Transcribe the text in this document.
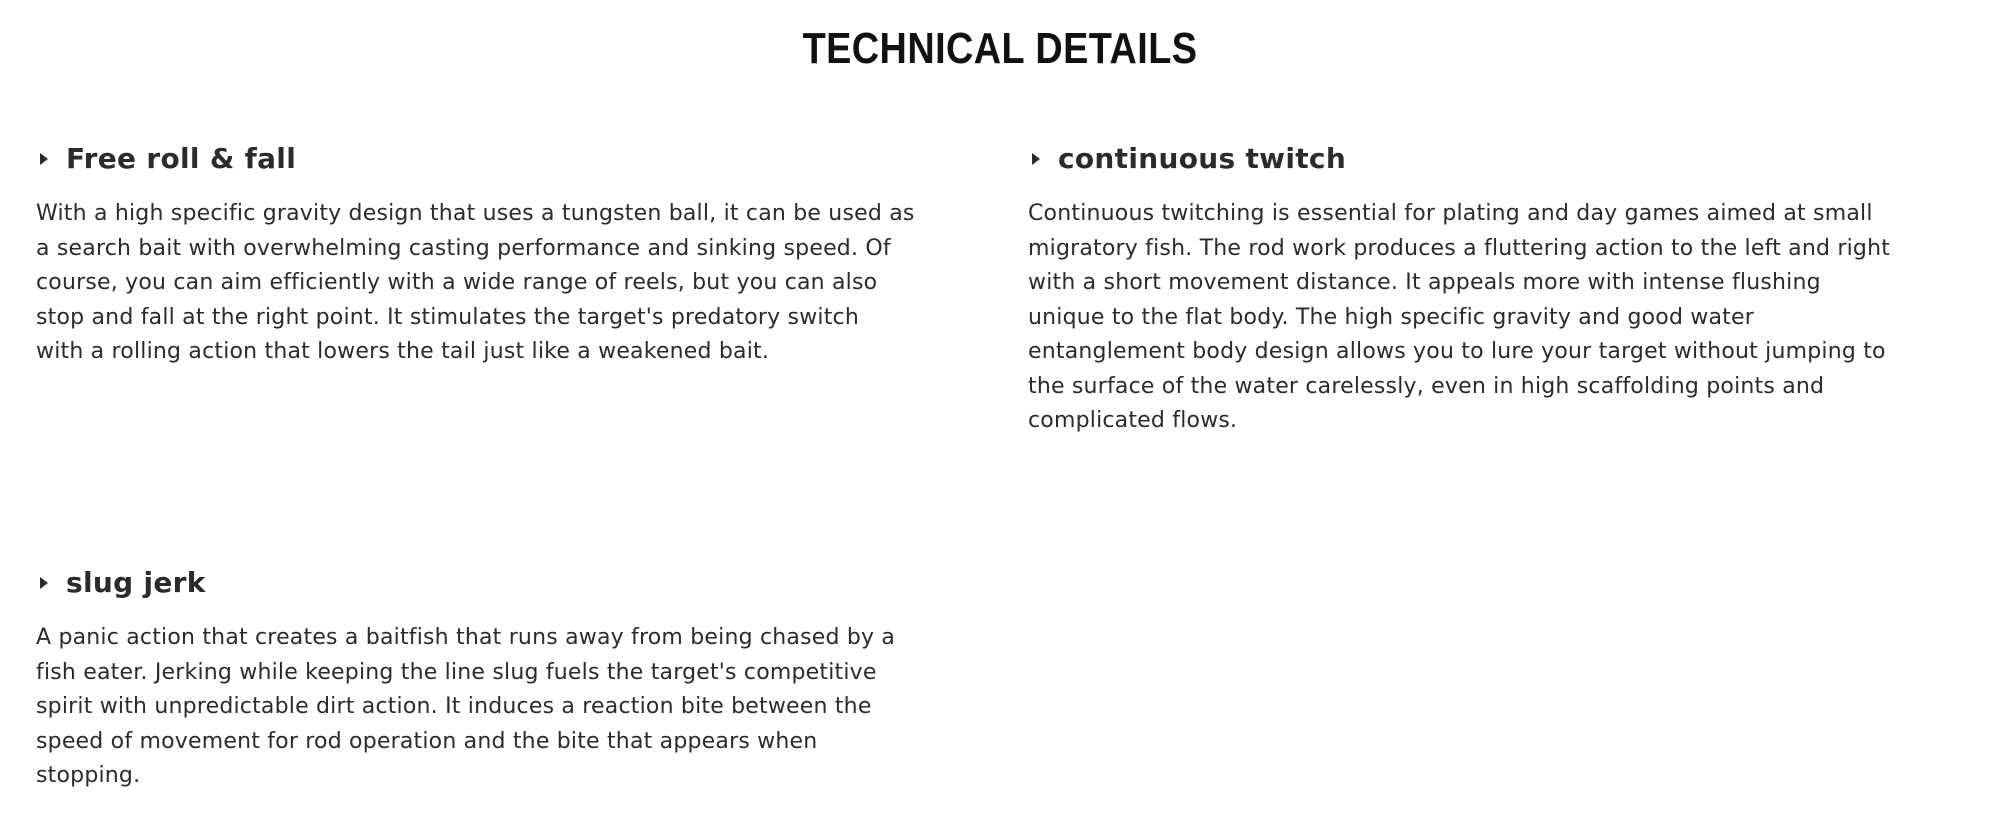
TECHNICAL DETAILS
Free roll & fall

With a high specific gravity design that uses a tungsten ball, it can be used as
a search bait with overwhelming casting performance and sinking speed. Of
course, you can aim efficiently with a wide range of reels, but you can also
stop and fall at the right point. It stimulates the target's predatory switch
with a rolling action that lowers the tail just like a weakened bait.

continuous twitch

Continuous twitching is essential for plating and day games aimed at small
migratory fish. The rod work produces a fluttering action to the left and right
with a short movement distance. It appeals more with intense flushing
unique to the flat body. The high specific gravity and good water
entanglement body design allows you to lure your target without jumping to
the surface of the water carelessly, even in high scaffolding points and
complicated flows.

slug jerk

A panic action that creates a baitfish that runs away from being chased by a
fish eater. Jerking while keeping the line slug fuels the target's competitive
spirit with unpredictable dirt action. It induces a reaction bite between the
speed of movement for rod operation and the bite that appears when
stopping.
